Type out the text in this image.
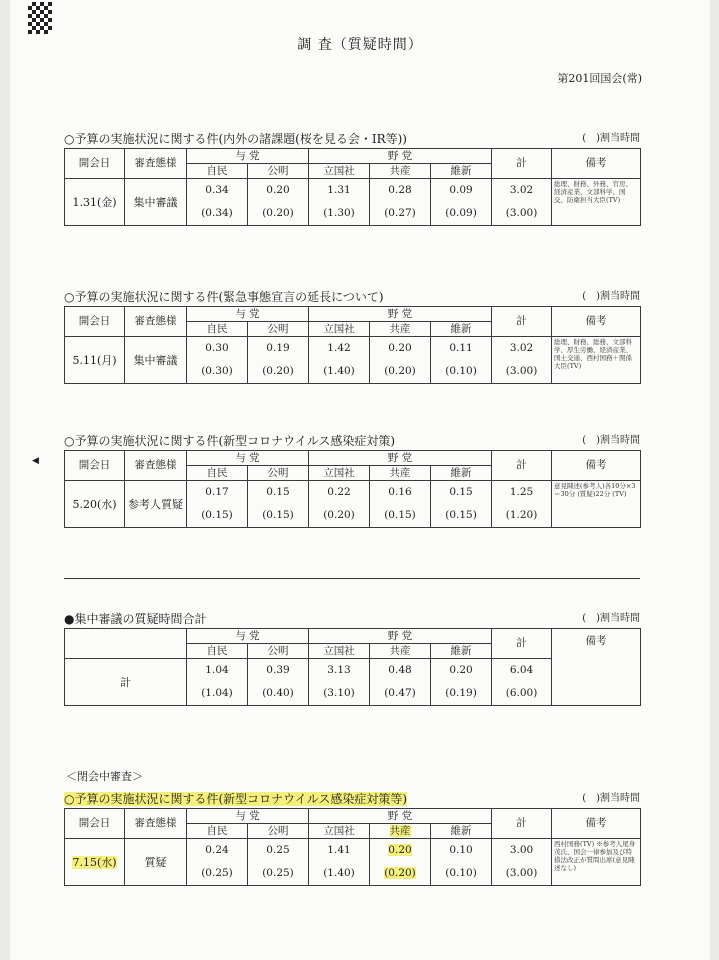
調 査（質疑時間）
第201回国会(常)
◀
○予算の実施状況に関する件(内外の諸課題(桜を見る会・IR等))	(　)割当時間
開会日	審査態様	与 党		野 党			計	備考
		自民	公明	立国社	共産	維新		
1.31(金)	集中審議	0.34	0.20	1.31	0.28	0.09	3.02	総理、財務、外務、官房、経済産業、文部科学、国交、防衛担当大臣(TV)
		(0.34)	(0.20)	(1.30)	(0.27)	(0.09)	(3.00)	
○予算の実施状況に関する件(緊急事態宣言の延長について)	(　)割当時間
開会日	審査態様	与 党		野 党			計	備考
		自民	公明	立国社	共産	維新		
5.11(月)	集中審議	0.30	0.19	1.42	0.20	0.11	3.02	総理、財務、総務、文部科学、厚生労働、経済産業、国土交通、西村国務＋関係大臣(TV)
		(0.30)	(0.20)	(1.40)	(0.20)	(0.10)	(3.00)	
○予算の実施状況に関する件(新型コロナウイルス感染症対策)	(　)割当時間
開会日	審査態様	与 党		野 党			計	備考
		自民	公明	立国社	共産	維新		
5.20(水)	参考人質疑	0.17	0.15	0.22	0.16	0.15	1.25	意見陳述(参考人)各10分×3＝30分 (質疑)22分 (TV)
		(0.15)	(0.15)	(0.20)	(0.15)	(0.15)	(1.20)	
●集中審議の質疑時間合計	(　)割当時間
	与 党		野 党			計	備考
	自民	公明	立国社	共産	維新		
計	1.04	0.39	3.13	0.48	0.20	6.04	
	(1.04)	(0.40)	(3.10)	(0.47)	(0.19)	(6.00)	
＜閉会中審査＞
○予算の実施状況に関する件(新型コロナウイルス感染症対策等)	(　)割当時間
開会日	審査態様	与 党		野 党			計	備考
		自民	公明	立国社	共産	維新		
7.15(水)	質疑	0.24	0.25	1.41	0.20	0.10	3.00	西村国務(TV) ※参考人尾身茂氏、国会一律参加及び特措法改正が質問出席(意見陳述なし)
		(0.25)	(0.25)	(1.40)	(0.20)	(0.10)	(3.00)	
